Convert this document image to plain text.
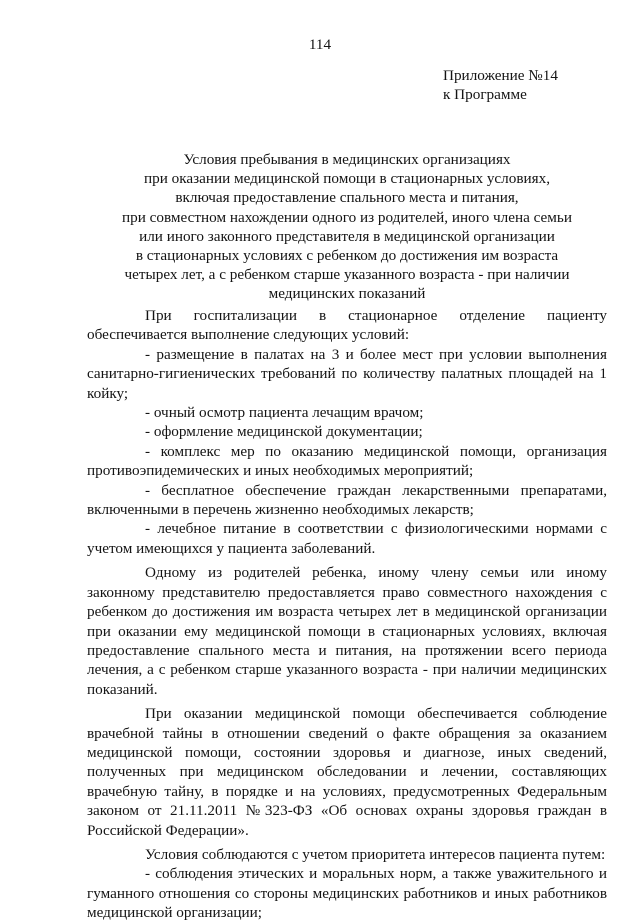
114
Приложение №14
к Программе
Условия пребывания в медицинских организациях
при оказании медицинской помощи в стационарных условиях,
включая предоставление спального места и питания,
при совместном нахождении одного из родителей, иного члена семьи
или иного законного представителя в медицинской организации
в стационарных условиях с ребенком до достижения им возраста
четырех лет, а с ребенком старше указанного возраста - при наличии
медицинских показаний

При госпитализации в стационарное отделение пациенту обеспечивается выполнение следующих условий:

- размещение в палатах на 3 и более мест при условии выполнения санитарно-гигиенических требований по количеству палатных площадей на 1 койку;

- очный осмотр пациента лечащим врачом;

- оформление медицинской документации;

- комплекс мер по оказанию медицинской помощи, организация противоэпидемических и иных необходимых мероприятий;

- бесплатное обеспечение граждан лекарственными препаратами, включенными в перечень жизненно необходимых лекарств;

- лечебное питание в соответствии с физиологическими нормами с учетом имеющихся у пациента заболеваний.

Одному из родителей ребенка, иному члену семьи или иному законному представителю предоставляется право совместного нахождения с ребенком до достижения им возраста четырех лет в медицинской организации при оказании ему медицинской помощи в стационарных условиях, включая предоставление спального места и питания, на протяжении всего периода лечения, а с ребенком старше указанного возраста - при наличии медицинских показаний.

При оказании медицинской помощи обеспечивается соблюдение врачебной тайны в отношении сведений о факте обращения за оказанием медицинской помощи, состоянии здоровья и диагнозе, иных сведений, полученных при медицинском обследовании и лечении, составляющих врачебную тайну, в порядке и на условиях, предусмотренных Федеральным законом от 21.11.2011 №323-ФЗ «Об основах охраны здоровья граждан в Российской Федерации».

Условия соблюдаются с учетом приоритета интересов пациента путем:

- соблюдения этических и моральных норм, а также уважительного и гуманного отношения со стороны медицинских работников и иных работников медицинской организации;
